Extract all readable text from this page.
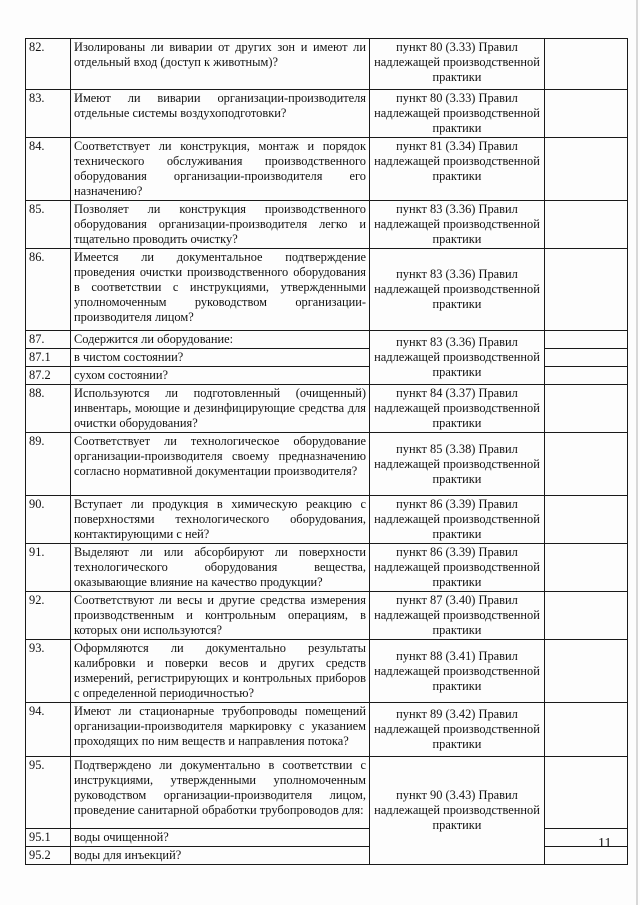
82.	Изолированы ли виварии от других зон и имеют ли отдельный вход (доступ к животным)?	пункт 80 (3.33) Правил надлежащей производственной практики	
83.	Имеют ли виварии организации-производителя отдельные системы воздухоподготовки?	пункт 80 (3.33) Правил надлежащей производственной практики	
84.	Соответствует ли конструкция, монтаж и порядок технического обслуживания производственного оборудования организации-производителя его назначению?	пункт 81 (3.34) Правил надлежащей производственной практики	
85.	Позволяет ли конструкция производственного оборудования организации-производителя легко и тщательно проводить очистку?	пункт 83 (3.36) Правил надлежащей производственной практики	
86.	Имеется ли документальное подтверждение проведения очистки производственного оборудования в соответствии с инструкциями, утвержденными уполномоченным руководством организации-производителя лицом?	пункт 83 (3.36) Правил надлежащей производственной практики	
87.	Содержится ли оборудование:	пункт 83 (3.36) Правил надлежащей производственной практики	
87.1	в чистом состоянии?		
87.2	сухом состоянии?		
88.	Используются ли подготовленный (очищенный) инвентарь, моющие и дезинфицирующие средства для очистки оборудования?	пункт 84 (3.37) Правил надлежащей производственной практики	
89.	Соответствует ли технологическое оборудование организации-производителя своему предназначению согласно нормативной документации производителя?	пункт 85 (3.38) Правил надлежащей производственной практики	
90.	Вступает ли продукция в химическую реакцию с поверхностями технологического оборудования, контактирующими с ней?	пункт 86 (3.39) Правил надлежащей производственной практики	
91.	Выделяют ли или абсорбируют ли поверхности технологического оборудования вещества, оказывающие влияние на качество продукции?	пункт 86 (3.39) Правил надлежащей производственной практики	
92.	Соответствуют ли весы и другие средства измерения производственным и контрольным операциям, в которых они используются?	пункт 87 (3.40) Правил надлежащей производственной практики	
93.	Оформляются ли документально результаты калибровки и поверки весов и других средств измерений, регистрирующих и контрольных приборов с определенной периодичностью?	пункт 88 (3.41) Правил надлежащей производственной практики	
94.	Имеют ли стационарные трубопроводы помещений организации-производителя маркировку с указанием проходящих по ним веществ и направления потока?	пункт 89 (3.42) Правил надлежащей производственной практики	
95.	Подтверждено ли документально в соответствии с инструкциями, утвержденными уполномоченным руководством организации-производителя лицом, проведение санитарной обработки трубопроводов для:	пункт 90 (3.43) Правил надлежащей производственной практики	
95.1	воды очищенной?		
95.2	воды для инъекций?		
11
